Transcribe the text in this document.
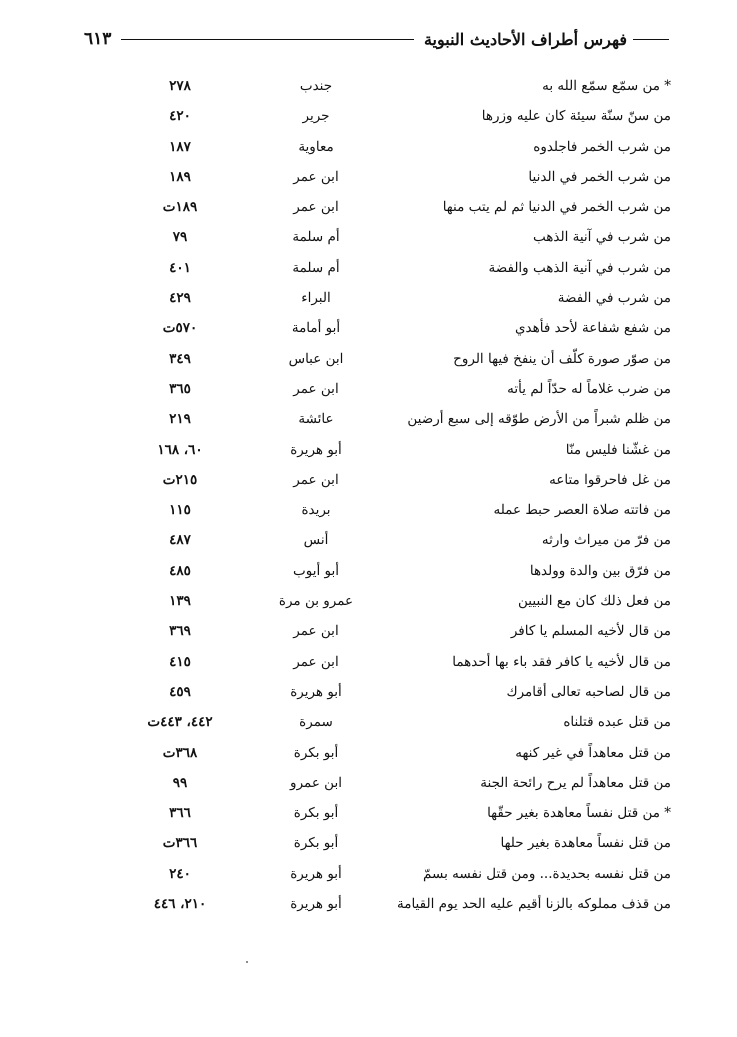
فهرس أطراف الأحاديث النبوية
٦١٣
* من سمّع سمّع الله به
جندب
٢٧٨
من سنّ سنّة سيئة كان عليه وزرها
جرير
٤٢٠
من شرب الخمر فاجلدوه
معاوية
١٨٧
من شرب الخمر في الدنيا
ابن عمر
١٨٩
من شرب الخمر في الدنيا ثم لم يتب منها
ابن عمر
١٨٩ت
من شرب في آنية الذهب
أم سلمة
٧٩
من شرب في آنية الذهب والفضة
أم سلمة
٤٠١
من شرب في الفضة
البراء
٤٢٩
من شفع شفاعة لأحد فأهدي
أبو أمامة
٥٧٠ت
من صوّر صورة كلّف أن ينفخ فيها الروح
ابن عباس
٣٤٩
من ضرب غلاماً له حدّاً لم يأته
ابن عمر
٣٦٥
من ظلم شبراً من الأرض طوّقه إلى سبع أرضين
عائشة
٢١٩
من غشّنا فليس منّا
أبو هريرة
٦٠، ١٦٨
من غل فاحرقوا متاعه
ابن عمر
٢١٥ت
من فاتته صلاة العصر حبط عمله
بريدة
١١٥
من فرّ من ميراث وارثه
أنس
٤٨٧
من فرّق بين والدة وولدها
أبو أيوب
٤٨٥
من فعل ذلك كان مع النبيين
عمرو بن مرة
١٣٩
من قال لأخيه المسلم يا كافر
ابن عمر
٣٦٩
من قال لأخيه يا كافر فقد باء بها أحدهما
ابن عمر
٤١٥
من قال لصاحبه تعالى أقامرك
أبو هريرة
٤٥٩
من قتل عبده قتلناه
سمرة
٤٤٢، ٤٤٣ت
من قتل معاهداً في غير كنهه
أبو بكرة
٣٦٨ت
من قتل معاهداً لم يرح رائحة الجنة
ابن عمرو
٩٩
* من قتل نفساً معاهدة بغير حقّها
أبو بكرة
٣٦٦
من قتل نفساً معاهدة بغير حلها
أبو بكرة
٣٦٦ت
من قتل نفسه بحديدة... ومن قتل نفسه بسمّ
أبو هريرة
٢٤٠
من قذف مملوكه بالزنا أقيم عليه الحد يوم القيامة
أبو هريرة
٢١٠، ٤٤٦
